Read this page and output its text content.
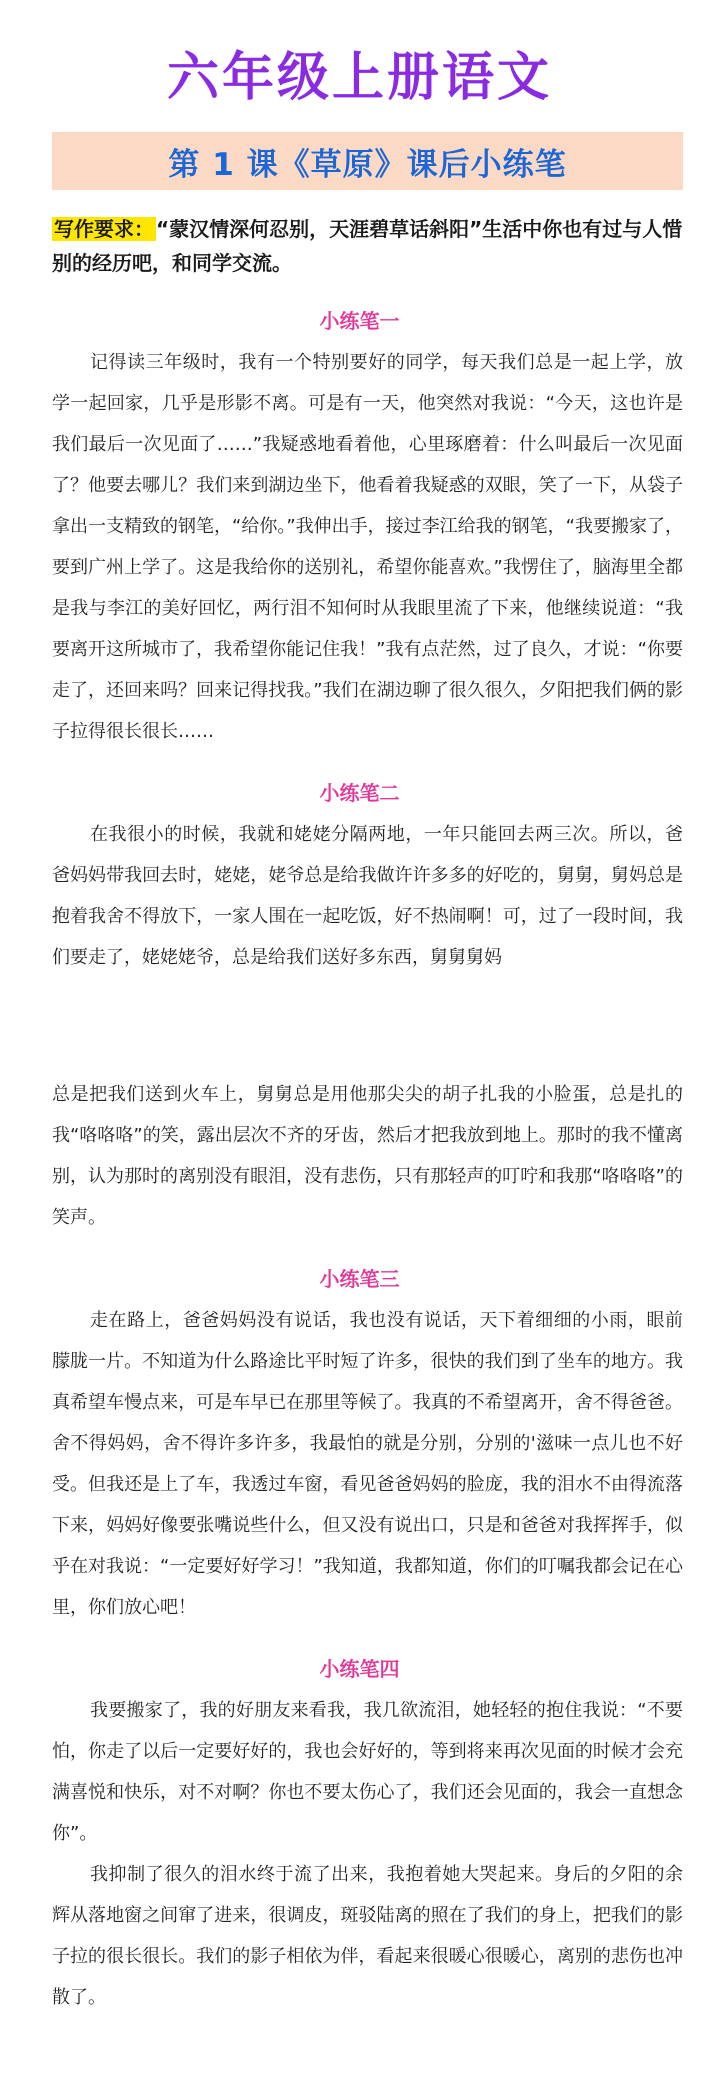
六年级上册语文
第 1 课《草原》课后小练笔
写作要求： “蒙汉情深何忍别，天涯碧草话斜阳”生活中你也有过与人惜别的经历吧，和同学交流。
小练笔一

记得读三年级时，我有一个特别要好的同学，每天我们总是一起上学，放学一起回家，几乎是形影不离。可是有一天，他突然对我说：“今天，这也许是我们最后一次见面了……”我疑惑地看着他，心里琢磨着：什么叫最后一次见面了？他要去哪儿？我们来到湖边坐下，他看着我疑惑的双眼，笑了一下，从袋子拿出一支精致的钢笔，“给你。”我伸出手，接过李江给我的钢笔，“我要搬家了，要到广州上学了。这是我给你的送别礼，希望你能喜欢。”我愣住了，脑海里全都是我与李江的美好回忆，两行泪不知何时从我眼里流了下来，他继续说道：“我要离开这所城市了，我希望你能记住我！”我有点茫然，过了良久，才说：“你要走了，还回来吗？回来记得找我。”我们在湖边聊了很久很久，夕阳把我们俩的影子拉得很长很长……

小练笔二

在我很小的时候，我就和姥姥分隔两地，一年只能回去两三次。所以，爸爸妈妈带我回去时，姥姥，姥爷总是给我做许许多多的好吃的，舅舅，舅妈总是抱着我舍不得放下，一家人围在一起吃饭，好不热闹啊！可，过了一段时间，我们要走了，姥姥姥爷，总是给我们送好多东西，舅舅舅妈

总是把我们送到火车上，舅舅总是用他那尖尖的胡子扎我的小脸蛋，总是扎的我“咯咯咯”的笑，露出层次不齐的牙齿，然后才把我放到地上。那时的我不懂离别，认为那时的离别没有眼泪，没有悲伤，只有那轻声的叮咛和我那“咯咯咯”的笑声。

小练笔三

走在路上，爸爸妈妈没有说话，我也没有说话，天下着细细的小雨，眼前朦胧一片。不知道为什么路途比平时短了许多，很快的我们到了坐车的地方。我真希望车慢点来，可是车早已在那里等候了。我真的不希望离开，舍不得爸爸。舍不得妈妈，舍不得许多许多，我最怕的就是分别，分别的'滋味一点儿也不好受。但我还是上了车，我透过车窗，看见爸爸妈妈的脸庞，我的泪水不由得流落下来，妈妈好像要张嘴说些什么，但又没有说出口，只是和爸爸对我挥挥手，似乎在对我说：“一定要好好学习！”我知道，我都知道，你们的叮嘱我都会记在心里，你们放心吧！

小练笔四

我要搬家了，我的好朋友来看我，我几欲流泪，她轻轻的抱住我说：“不要怕，你走了以后一定要好好的，我也会好好的，等到将来再次见面的时候才会充满喜悦和快乐，对不对啊？你也不要太伤心了，我们还会见面的，我会一直想念你”。

我抑制了很久的泪水终于流了出来，我抱着她大哭起来。身后的夕阳的余辉从落地窗之间窜了进来，很调皮，斑驳陆离的照在了我们的身上，把我们的影子拉的很长很长。我们的影子相依为伴，看起来很暖心很暖心，离别的悲伤也冲散了。
